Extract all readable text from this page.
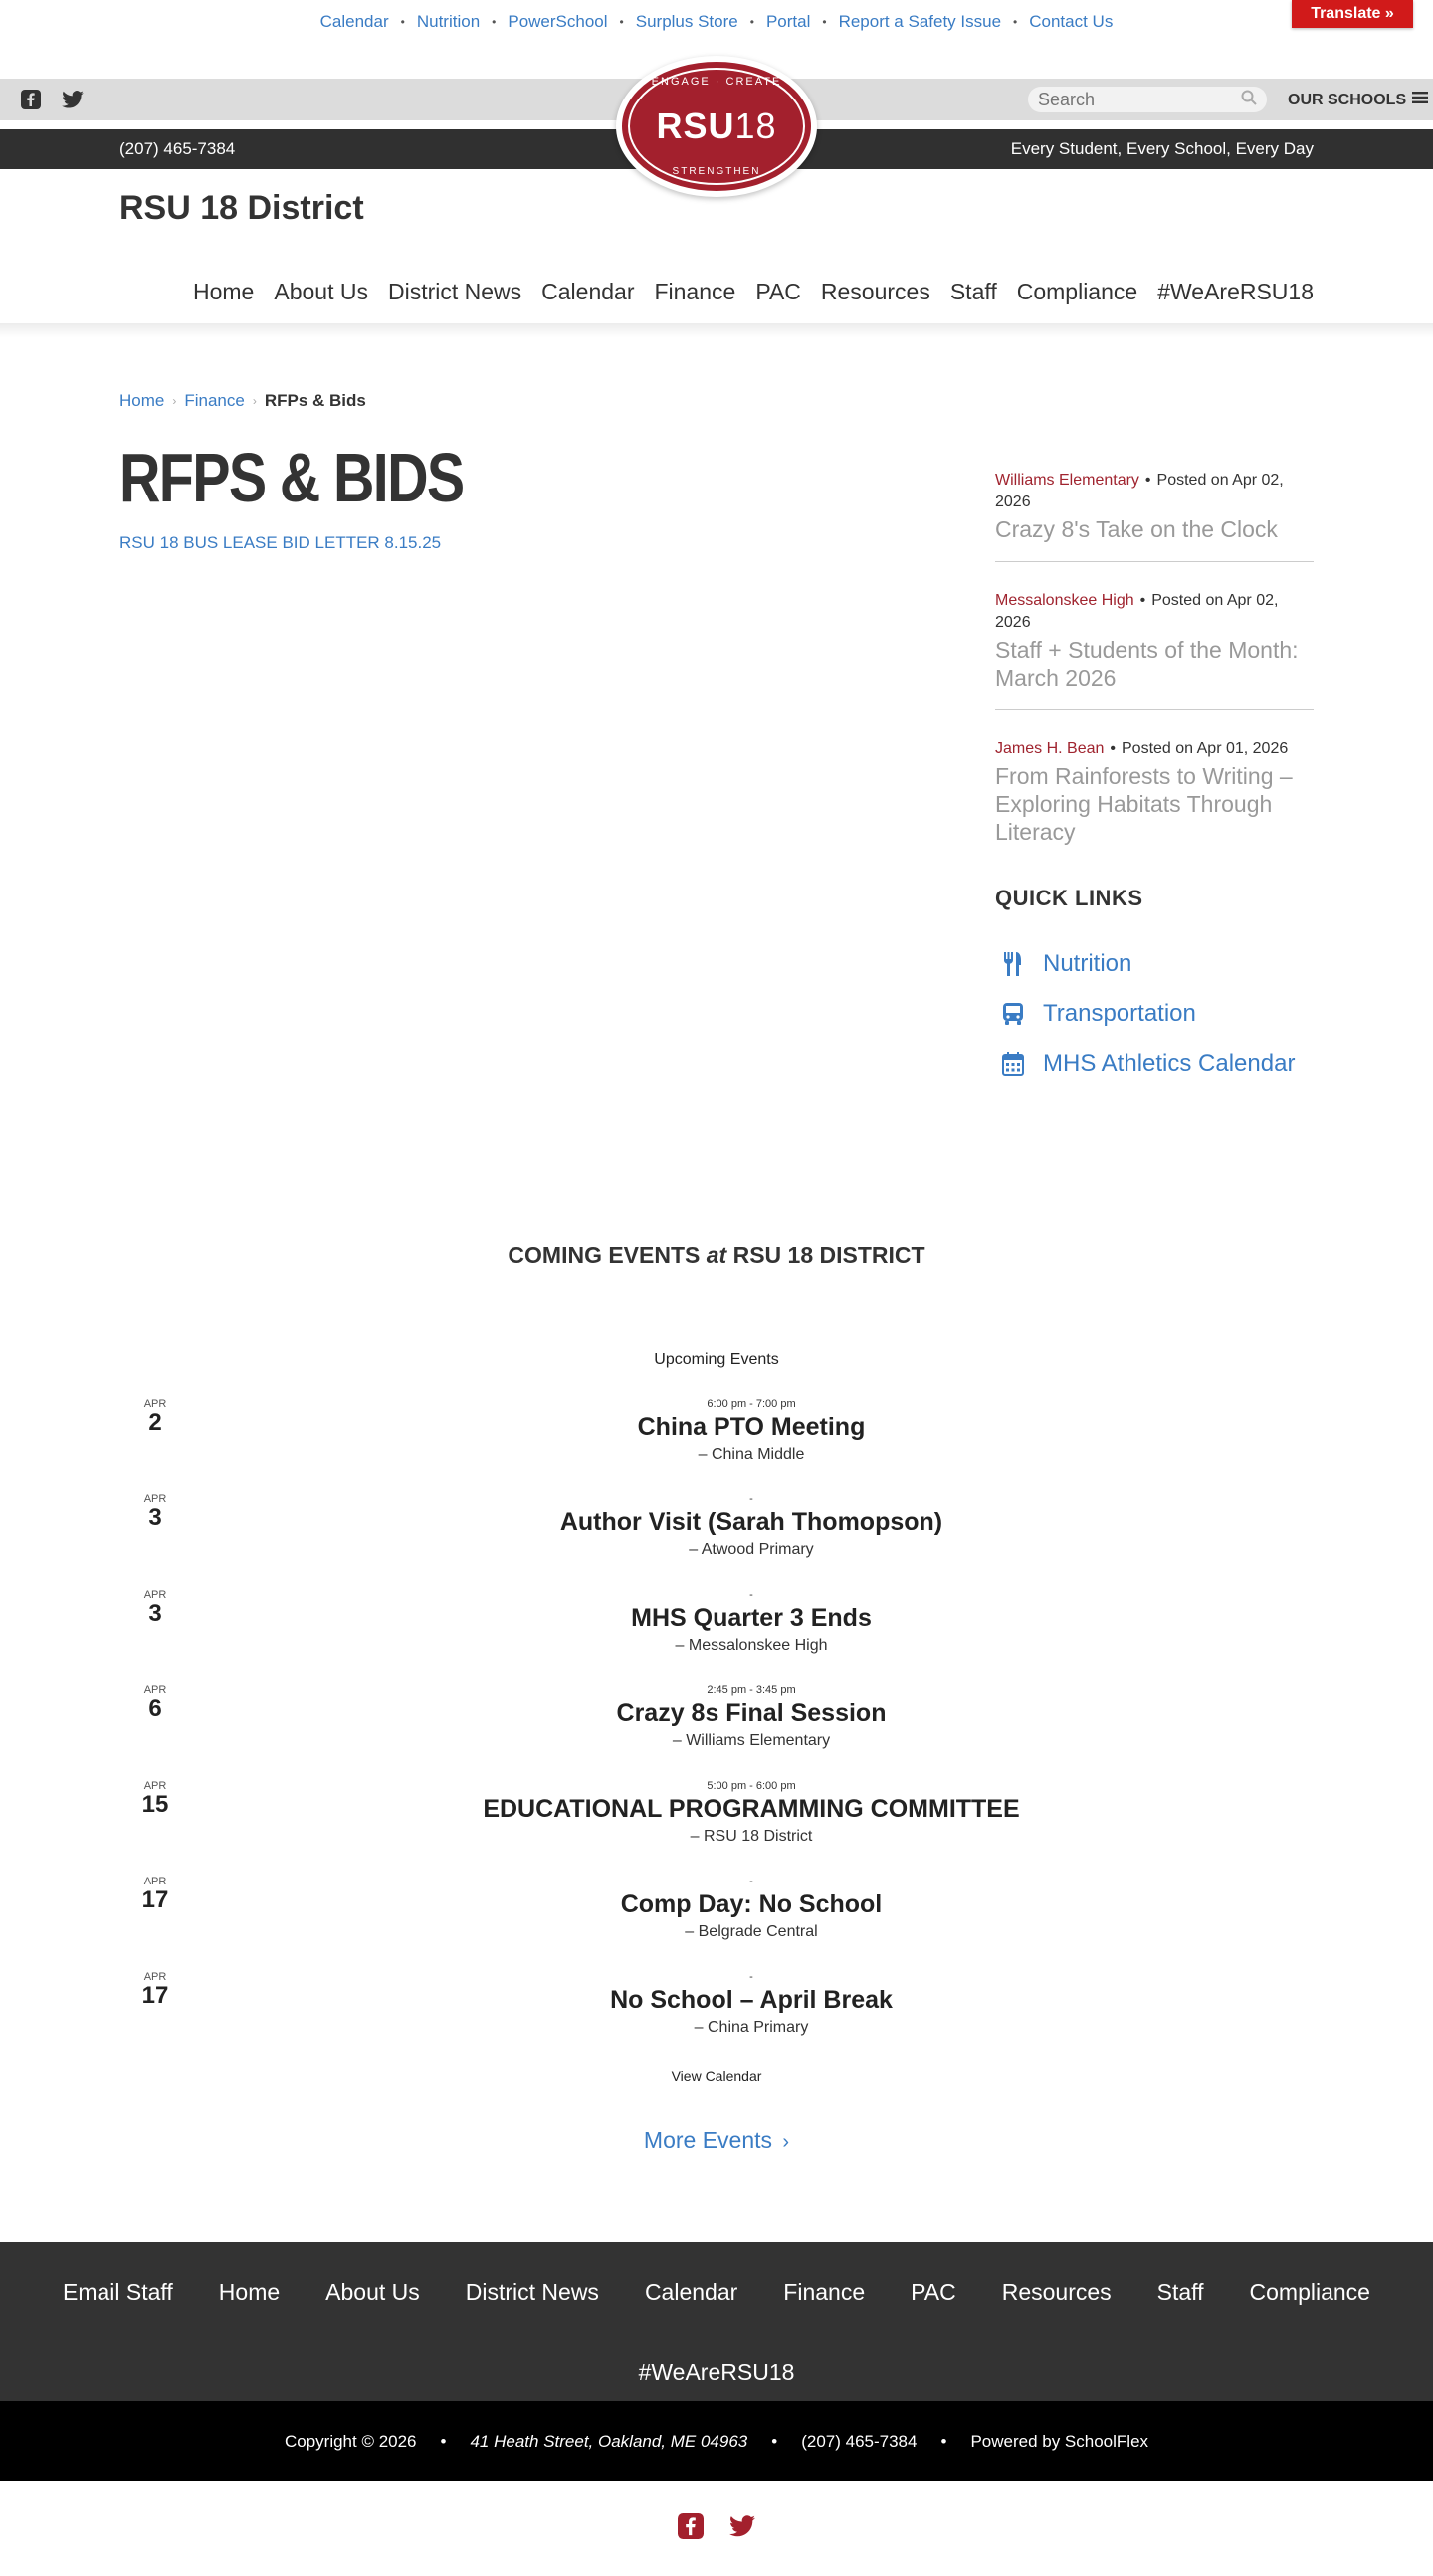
Calendar • Nutrition • PowerSchool • Surplus Store • Portal • Report a Safety Issue • Contact Us	Translate »
Search
OUR SCHOOLS
(207) 465-7384	Every Student, Every School, Every Day
ENGAGE · CREATE
RSU18
STRENGTHEN
RSU 18 District
Home About Us District News Calendar Finance PAC Resources Staff Compliance #WeAreRSU18
Home › Finance › RFPs & Bids
RFPS & BIDS
RSU 18 BUS LEASE BID LETTER 8.15.25
Williams Elementary • Posted on Apr 02, 2026
Crazy 8's Take on the Clock
Messalonskee High • Posted on Apr 02, 2026
Staff + Students of the Month: March 2026
James H. Bean • Posted on Apr 01, 2026
From Rainforests to Writing – Exploring Habitats Through Literacy
QUICK LINKS
Nutrition
Transportation
MHS Athletics Calendar
COMING EVENTS at RSU 18 DISTRICT
Upcoming Events
6:00 pm - 7:00 pm
China PTO Meeting
– China Middle
APR
2
-
Author Visit (Sarah Thomopson)
– Atwood Primary
APR
3
-
MHS Quarter 3 Ends
– Messalonskee High
APR
3
2:45 pm - 3:45 pm
Crazy 8s Final Session
– Williams Elementary
APR
6
5:00 pm - 6:00 pm
EDUCATIONAL PROGRAMMING COMMITTEE
– RSU 18 District
APR
15
-
Comp Day: No School
– Belgrade Central
APR
17
-
No School – April Break
– China Primary
APR
17
View Calendar
More Events ›
Email Staff Home About Us District News Calendar Finance PAC Resources Staff Compliance
#WeAreRSU18
Copyright © 2026 • 41 Heath Street, Oakland, ME 04963 • (207) 465-7384 • Powered by SchoolFlex
